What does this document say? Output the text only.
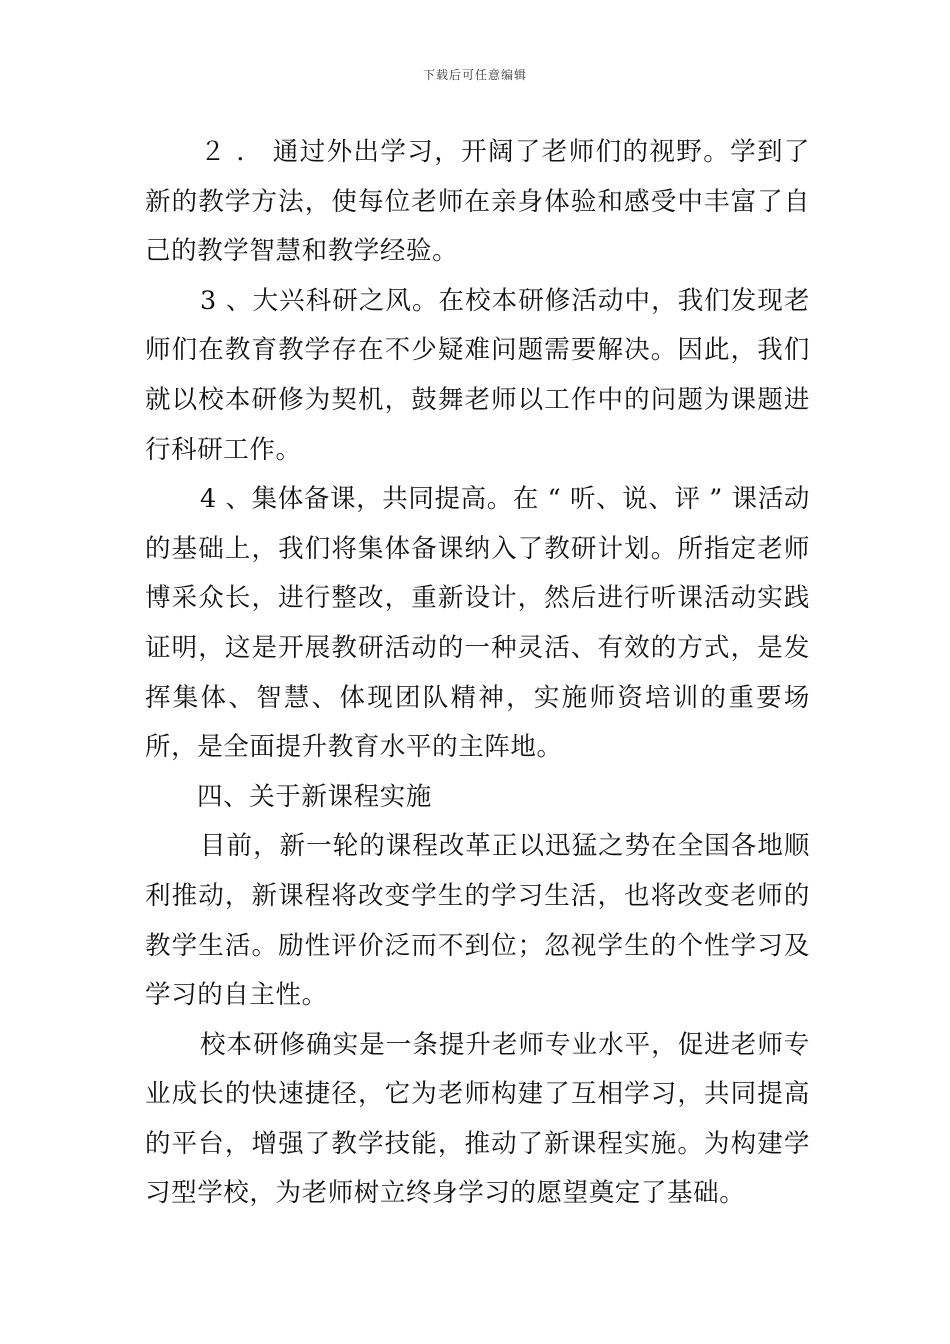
下载后可任意编辑

２ ． 通过外出学习，开阔了老师们的视野。学到了新的教学方法，使每位老师在亲身体验和感受中丰富了自己的教学智慧和教学经验。

3 、大兴科研之风。在校本研修活动中，我们发现老师们在教育教学存在不少疑难问题需要解决。因此，我们就以校本研修为契机，鼓舞老师以工作中的问题为课题进行科研工作。

4 、集体备课，共同提高。在 “ 听、说、评 ” 课活动的基础上，我们将集体备课纳入了教研计划。所指定老师博采众长，进行整改，重新设计，然后进行听课活动实践证明，这是开展教研活动的一种灵活、有效的方式，是发挥集体、智慧、体现团队精神，实施师资培训的重要场所，是全面提升教育水平的主阵地。

四、关于新课程实施

目前，新一轮的课程改革正以迅猛之势在全国各地顺利推动，新课程将改变学生的学习生活，也将改变老师的教学生活。励性评价泛而不到位；忽视学生的个性学习及学习的自主性。

校本研修确实是一条提升老师专业水平，促进老师专业成长的快速捷径，它为老师构建了互相学习，共同提高的平台，增强了教学技能，推动了新课程实施。为构建学习型学校，为老师树立终身学习的愿望奠定了基础。
